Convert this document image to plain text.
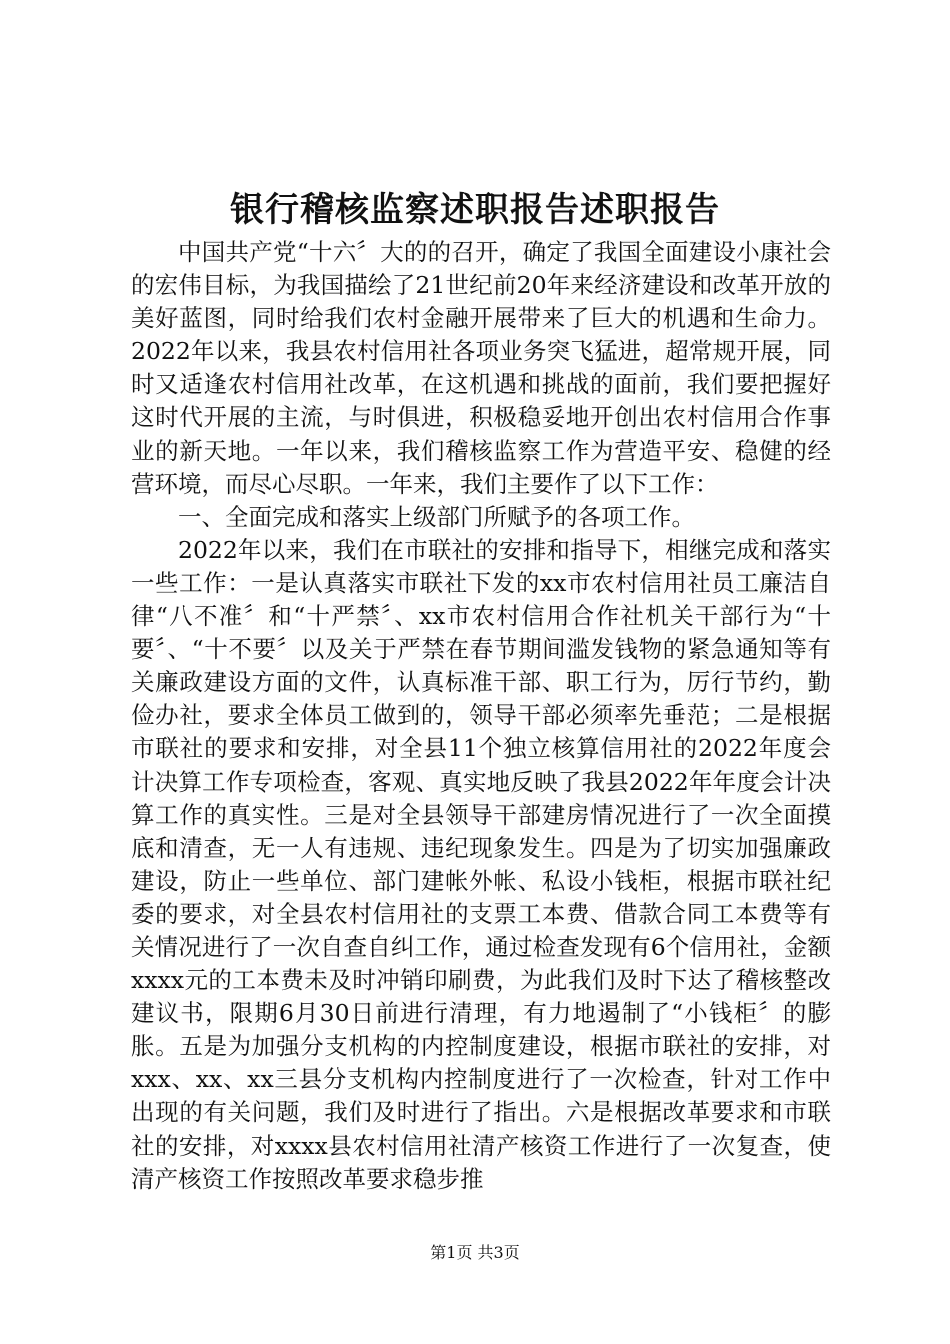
银行稽核监察述职报告述职报告

中国共产党“十六〞大的的召开，确定了我国全面建设小康社会的宏伟目标，为我国描绘了21世纪前20年来经济建设和改革开放的美好蓝图，同时给我们农村金融开展带来了巨大的机遇和生命力。2022年以来，我县农村信用社各项业务突飞猛进，超常规开展，同时又适逢农村信用社改革，在这机遇和挑战的面前，我们要把握好这时代开展的主流，与时俱进，积极稳妥地开创出农村信用合作事业的新天地。一年以来，我们稽核监察工作为营造平安、稳健的经营环境，而尽心尽职。一年来，我们主要作了以下工作：

一、全面完成和落实上级部门所赋予的各项工作。

2022年以来，我们在市联社的安排和指导下，相继完成和落实一些工作：一是认真落实市联社下发的xx市农村信用社员工廉洁自律“八不准〞和“十严禁〞、xx市农村信用合作社机关干部行为“十要〞、“十不要〞以及关于严禁在春节期间滥发钱物的紧急通知等有关廉政建设方面的文件，认真标准干部、职工行为，厉行节约，勤俭办社，要求全体员工做到的，领导干部必须率先垂范；二是根据市联社的要求和安排，对全县11个独立核算信用社的2022年度会计决算工作专项检查，客观、真实地反映了我县2022年年度会计决算工作的真实性。三是对全县领导干部建房情况进行了一次全面摸底和清查，无一人有违规、违纪现象发生。四是为了切实加强廉政建设，防止一些单位、部门建帐外帐、私设小钱柜，根据市联社纪委的要求，对全县农村信用社的支票工本费、借款合同工本费等有关情况进行了一次自查自纠工作，通过检查发现有6个信用社，金额xxxx元的工本费未及时冲销印刷费，为此我们及时下达了稽核整改建议书，限期6月30日前进行清理，有力地遏制了“小钱柜〞的膨胀。五是为加强分支机构的内控制度建设，根据市联社的安排，对xxx、xx、xx三县分支机构内控制度进行了一次检查，针对工作中出现的有关问题，我们及时进行了指出。六是根据改革要求和市联社的安排，对xxxx县农村信用社清产核资工作进行了一次复查，使清产核资工作按照改革要求稳步推

第1页 共3页
